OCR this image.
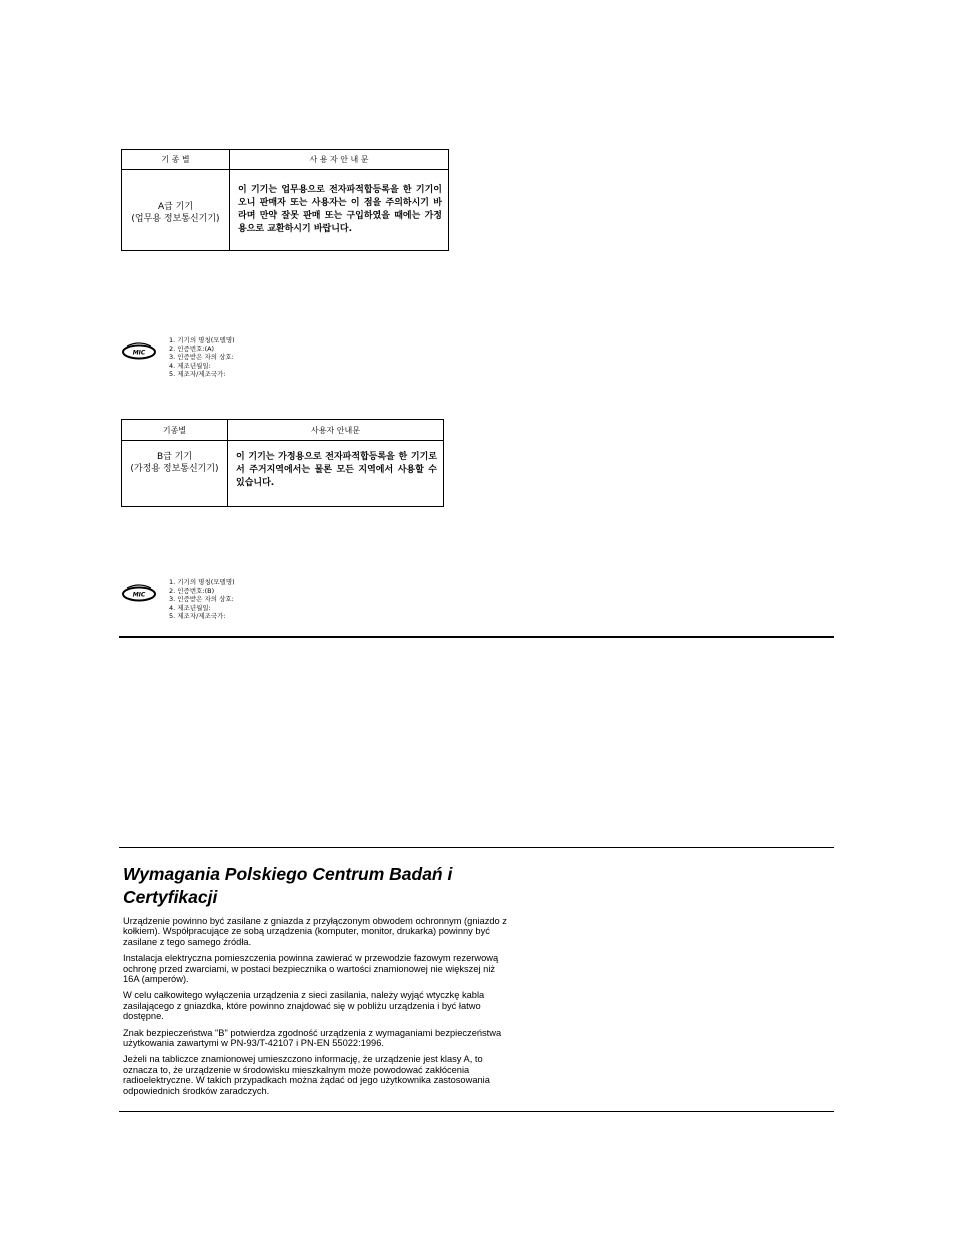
기 종 별	사 용 자 안 내 문

A급 기기
(업무용 정보통신기기)	이 기기는 업무용으로 전자파적합등록을 한 기기이오니 판매자 또는 사용자는 이 점을 주의하시기 바라며 만약 잘못 판매 또는 구입하였을 때에는 가정용으로 교환하시기 바랍니다.
MIC
1. 기기의 명칭(모델명)
2. 인증번호:(A)
3. 인증받은 자의 상호:
4. 제조년월일:
5. 제조자/제조국가:
기종별	사용자 안내문

B급 기기
(가정용 정보통신기기)	이 기기는 가정용으로 전자파적합등록을 한 기기로서 주거지역에서는 물론 모든 지역에서 사용할 수 있습니다.
MIC
1. 기기의 명칭(모델명)
2. 인증번호:(B)
3. 인증받은 자의 상호:
4. 제조년월일:
5. 제조자/제조국가:
Wymagania Polskiego Centrum Badań i Certyfikacji

Urządzenie powinno być zasilane z gniazda z przyłączonym obwodem ochronnym (gniazdo z kołkiem). Współpracujące ze sobą urządzenia (komputer, monitor, drukarka) powinny być zasilane z tego samego źródła.

Instalacja elektryczna pomieszczenia powinna zawierać w przewodzie fazowym rezerwową ochronę przed zwarciami, w postaci bezpiecznika o wartości znamionowej nie większej niż 16A (amperów).

W celu całkowitego wyłączenia urządzenia z sieci zasilania, należy wyjąć wtyczkę kabla zasilającego z gniazdka, które powinno znajdować się w pobliżu urządzenia i być łatwo dostępne.

Znak bezpieczeństwa "B" potwierdza zgodność urządzenia z wymaganiami bezpieczeństwa użytkowania zawartymi w PN-93/T-42107 i PN-EN 55022:1996.

Jeżeli na tabliczce znamionowej umieszczono informację, że urządzenie jest klasy A, to oznacza to, że urządzenie w środowisku mieszkalnym może powodować zakłócenia radioelektryczne. W takich przypadkach można żądać od jego użytkownika zastosowania odpowiednich środków zaradczych.
